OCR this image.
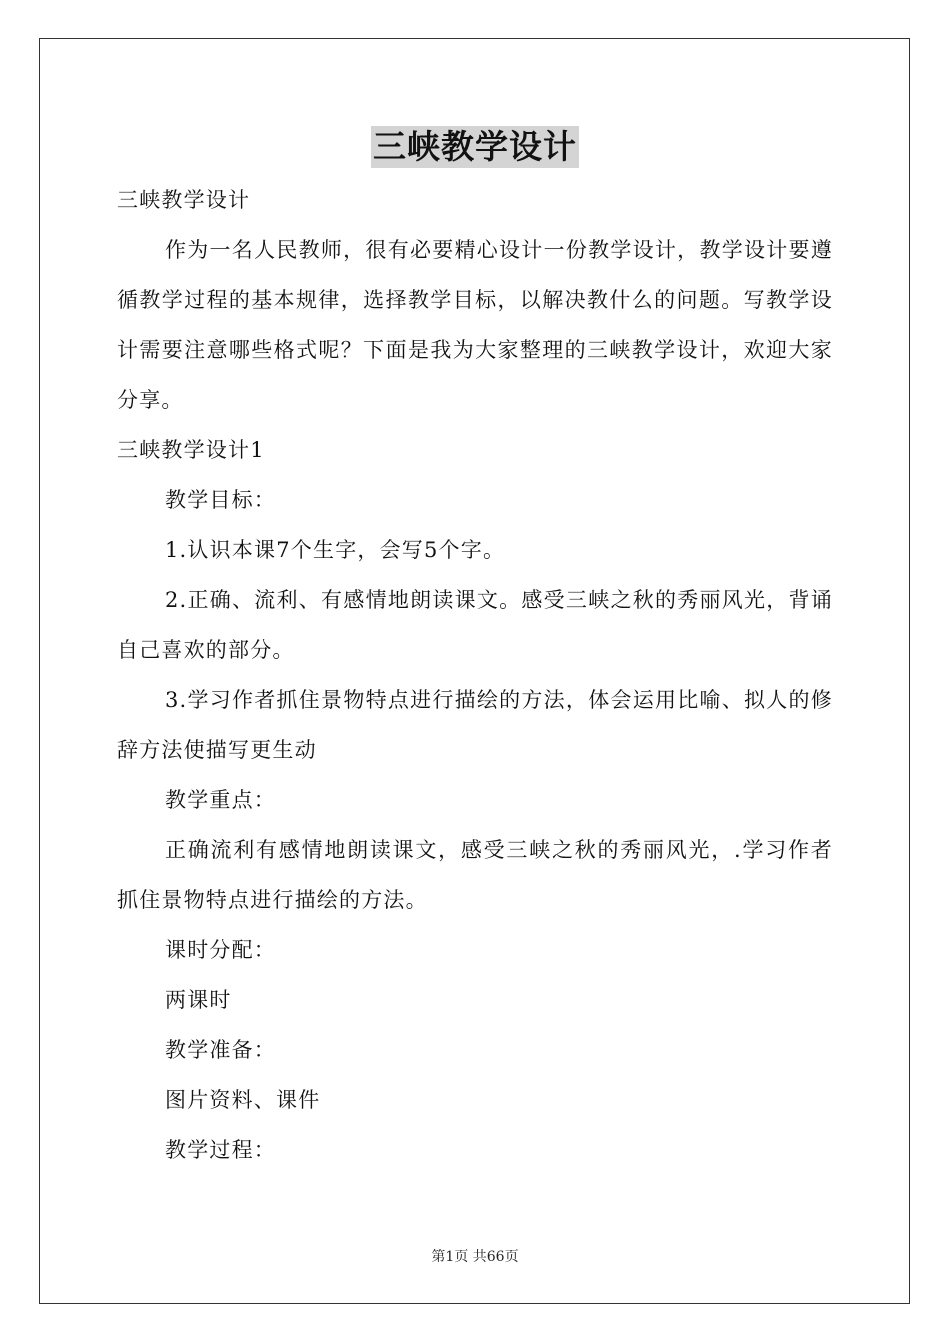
三峡教学设计
三峡教学设计

作为一名人民教师，很有必要精心设计一份教学设计，教学设计要遵循教学过程的基本规律，选择教学目标，以解决教什么的问题。写教学设计需要注意哪些格式呢？下面是我为大家整理的三峡教学设计，欢迎大家分享。

三峡教学设计1
教学目标：
1.认识本课7个生字，会写5个字。

2.正确、流利、有感情地朗读课文。感受三峡之秋的秀丽风光，背诵自己喜欢的部分。

3.学习作者抓住景物特点进行描绘的方法，体会运用比喻、拟人的修辞方法使描写更生动

教学重点：

正确流利有感情地朗读课文，感受三峡之秋的秀丽风光，.学习作者抓住景物特点进行描绘的方法。

课时分配：
两课时
教学准备：
图片资料、课件
教学过程：
第1页 共66页
